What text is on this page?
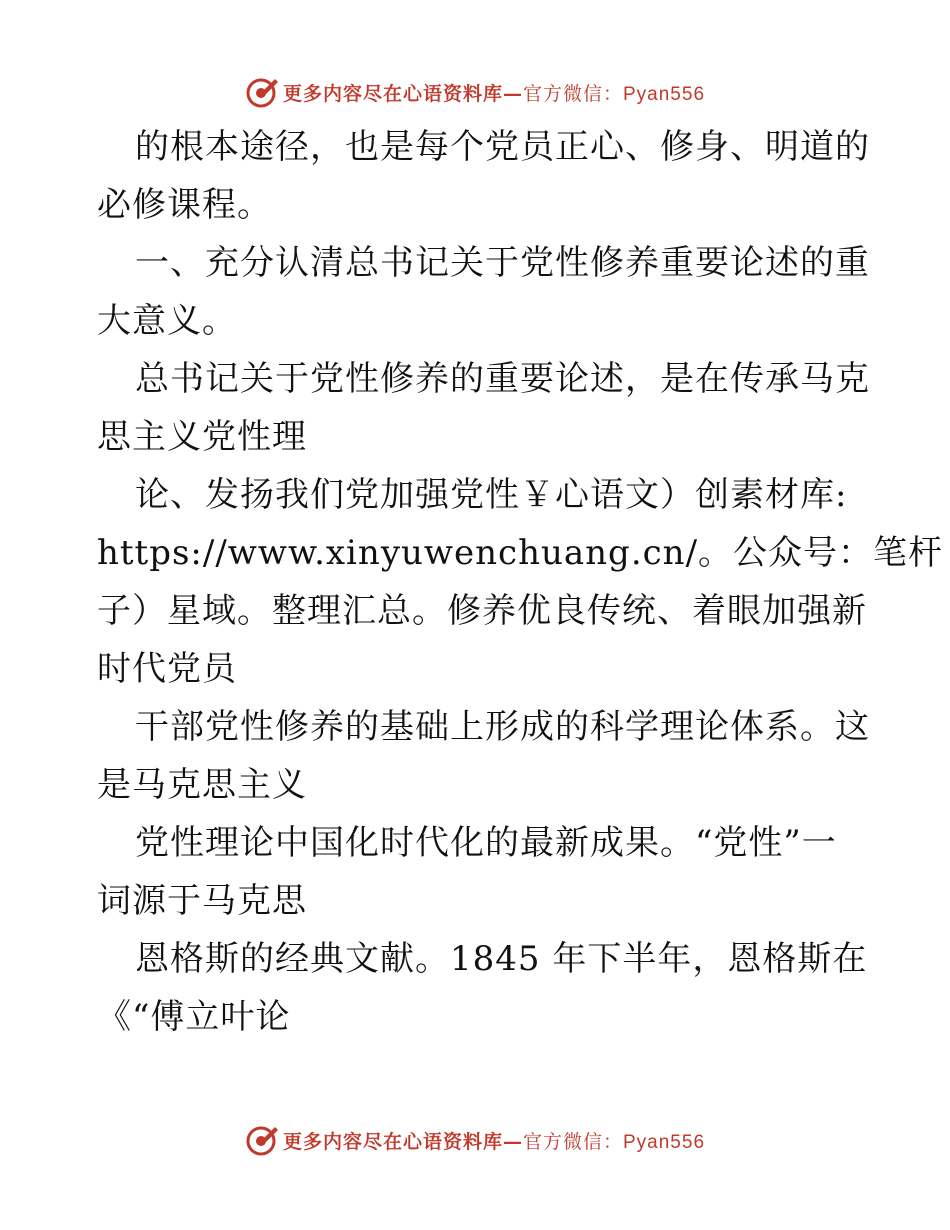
更多内容尽在心语资料库—官方微信：Pyan556
的根本途径，也是每个党员正心、修身、明道的
必修课程。
一、充分认清总书记关于党性修养重要论述的重
大意义。
总书记关于党性修养的重要论述，是在传承马克
思主义党性理
论、发扬我们党加强党性￥心语文）创素材库:
https://www.xinyuwenchuang.cn/。公众号：笔杆
子）星域。整理汇总。修养优良传统、着眼加强新
时代党员
干部党性修养的基础上形成的科学理论体系。这
是马克思主义
党性理论中国化时代化的最新成果。“党性”一
词源于马克思
恩格斯的经典文献。1845 年下半年，恩格斯在
《“傅立叶论
更多内容尽在心语资料库—官方微信：Pyan556
